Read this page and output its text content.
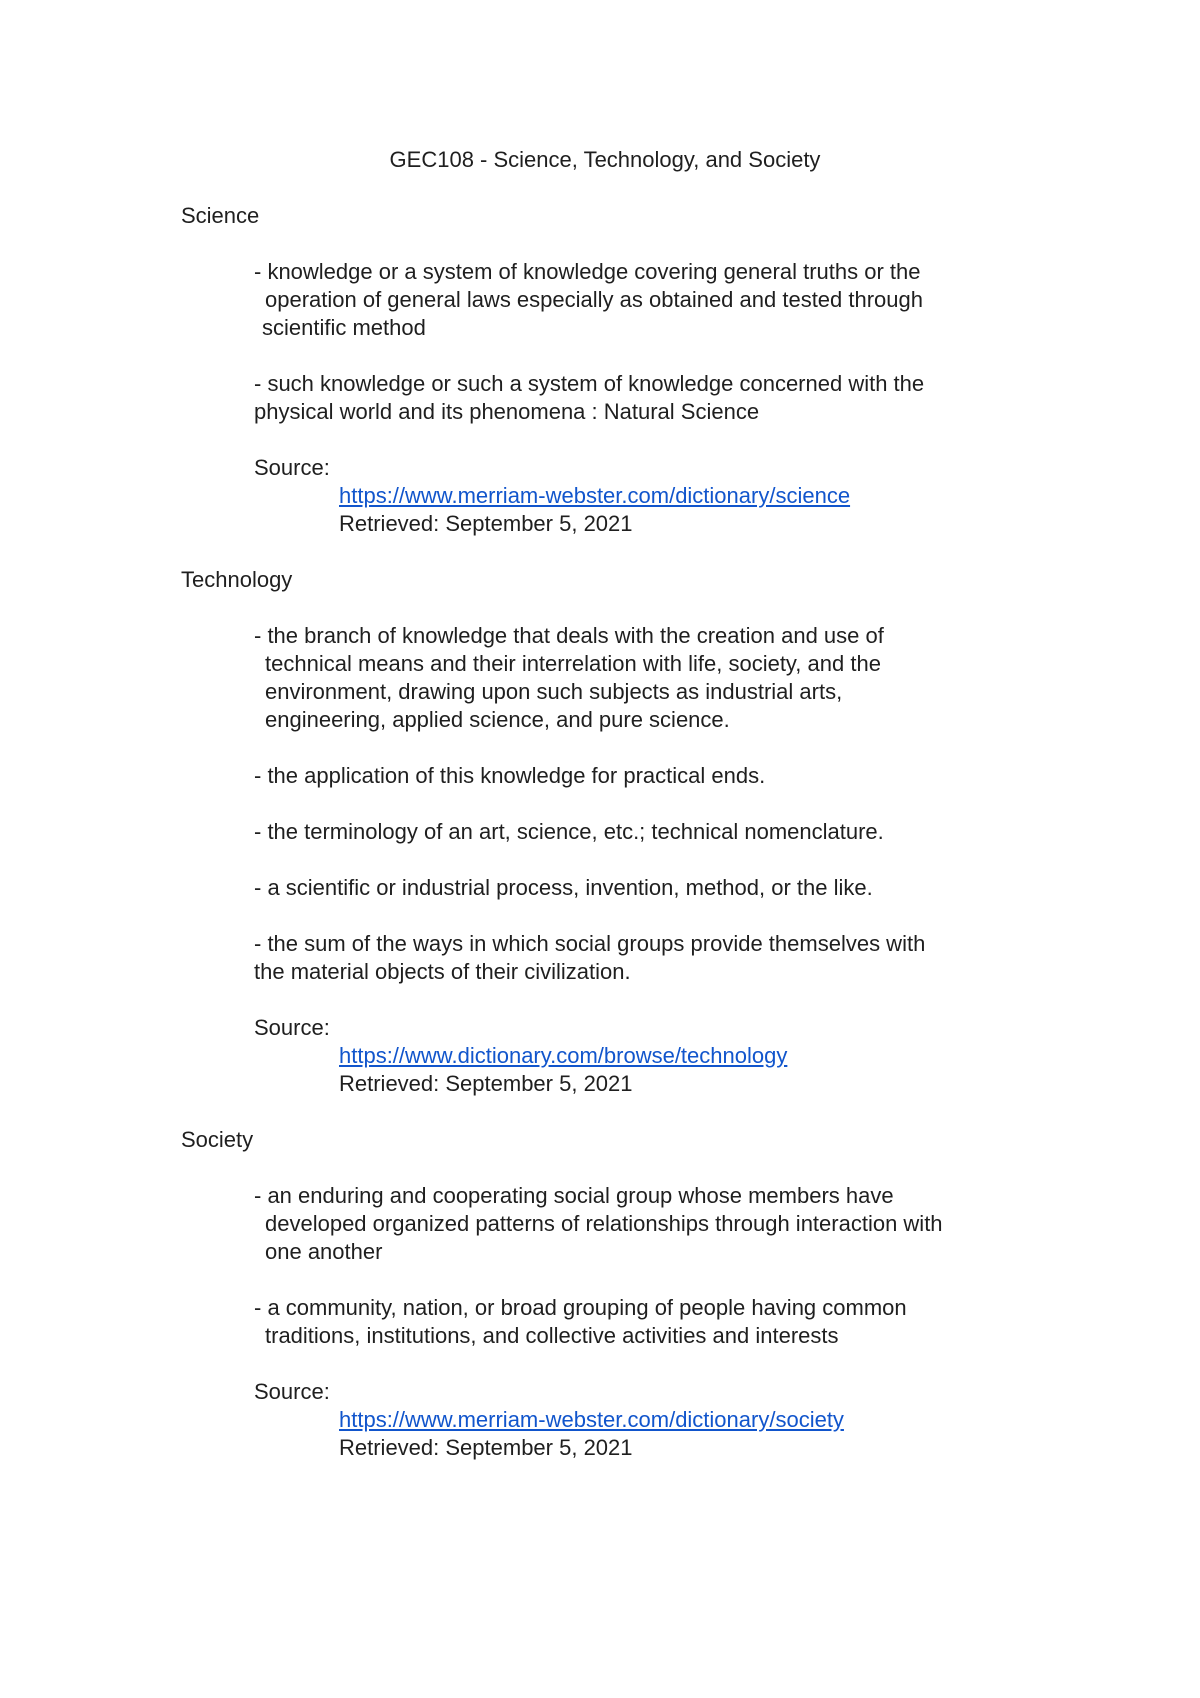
GEC108 - Science, Technology, and Society
Science
- knowledge or a system of knowledge covering general truths or the
operation of general laws especially as obtained and tested through
scientific method
- such knowledge or such a system of knowledge concerned with the
physical world and its phenomena : Natural Science
Source:
https://www.merriam-webster.com/dictionary/science
Retrieved: September 5, 2021
Technology
- the branch of knowledge that deals with the creation and use of
technical means and their interrelation with life, society, and the
environment, drawing upon such subjects as industrial arts,
engineering, applied science, and pure science.
- the application of this knowledge for practical ends.
- the terminology of an art, science, etc.; technical nomenclature.
- a scientific or industrial process, invention, method, or the like.
- the sum of the ways in which social groups provide themselves with
the material objects of their civilization.
Source:
https://www.dictionary.com/browse/technology
Retrieved: September 5, 2021
Society
- an enduring and cooperating social group whose members have
developed organized patterns of relationships through interaction with
one another
- a community, nation, or broad grouping of people having common
traditions, institutions, and collective activities and interests
Source:
https://www.merriam-webster.com/dictionary/society
Retrieved: September 5, 2021
